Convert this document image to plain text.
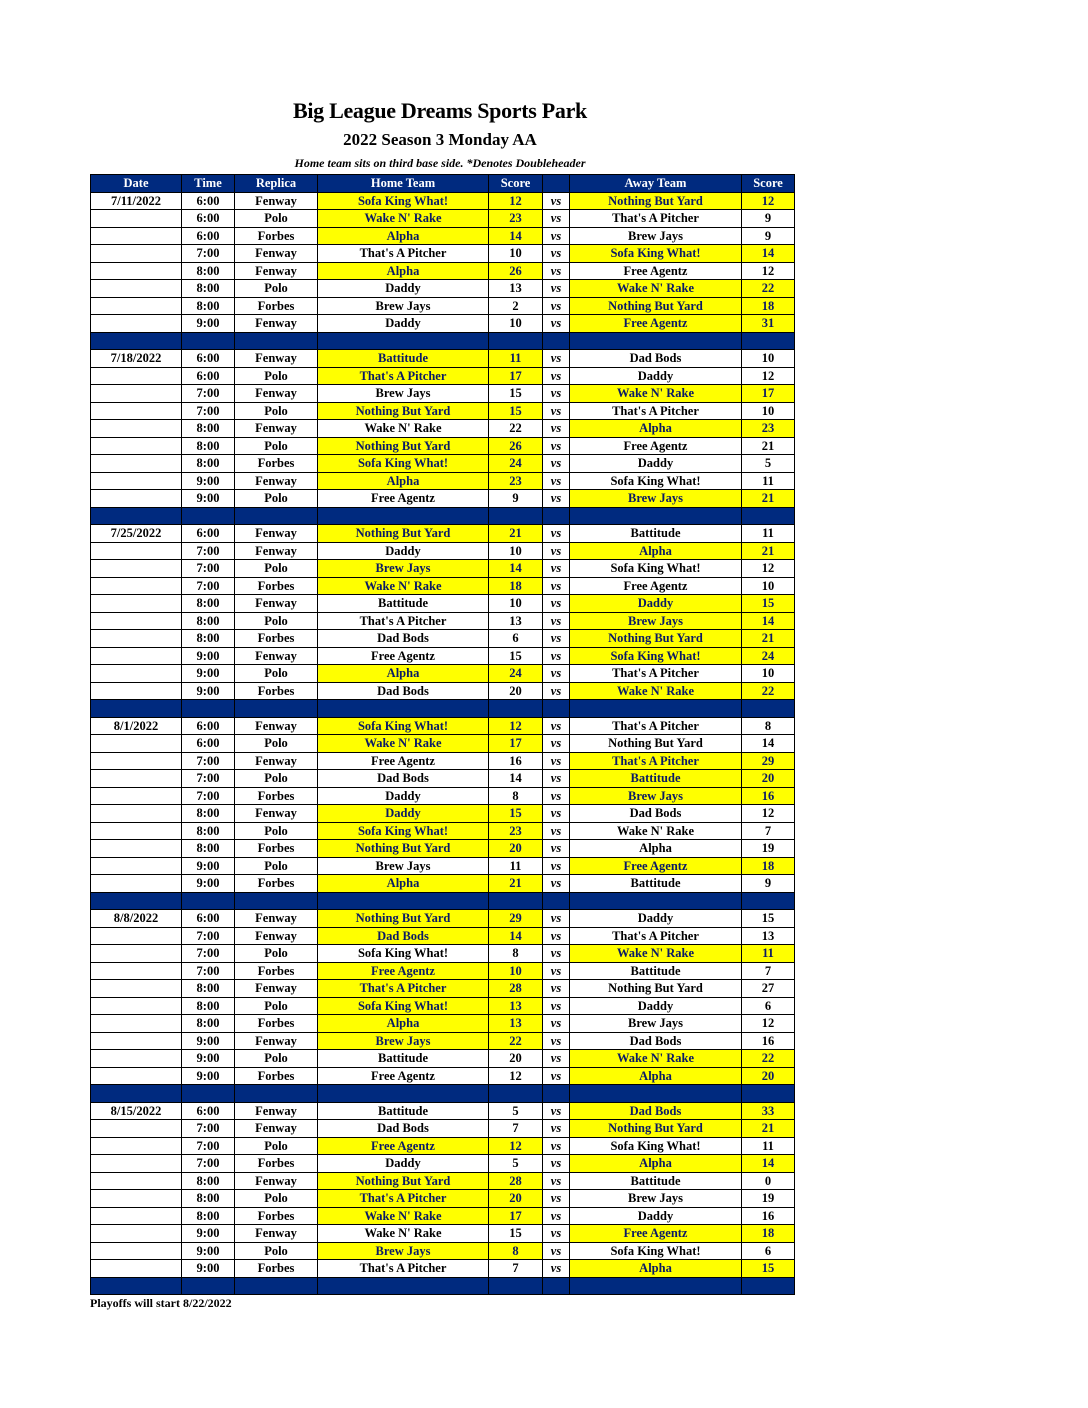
Big League Dreams Sports Park
2022 Season 3 Monday AA
Home team sits on third base side. *Denotes Doubleheader
Date	Time	Replica	Home Team	Score		Away Team	Score
7/11/2022	6:00	Fenway	Sofa King What!	12	vs	Nothing But Yard	12
	6:00	Polo	Wake N' Rake	23	vs	That's A Pitcher	9
	6:00	Forbes	Alpha	14	vs	Brew Jays	9
	7:00	Fenway	That's A Pitcher	10	vs	Sofa King What!	14
	8:00	Fenway	Alpha	26	vs	Free Agentz	12
	8:00	Polo	Daddy	13	vs	Wake N' Rake	22
	8:00	Forbes	Brew Jays	2	vs	Nothing But Yard	18
	9:00	Fenway	Daddy	10	vs	Free Agentz	31

7/18/2022	6:00	Fenway	Battitude	11	vs	Dad Bods	10
	6:00	Polo	That's A Pitcher	17	vs	Daddy	12
	7:00	Fenway	Brew Jays	15	vs	Wake N' Rake	17
	7:00	Polo	Nothing But Yard	15	vs	That's A Pitcher	10
	8:00	Fenway	Wake N' Rake	22	vs	Alpha	23
	8:00	Polo	Nothing But Yard	26	vs	Free Agentz	21
	8:00	Forbes	Sofa King What!	24	vs	Daddy	5
	9:00	Fenway	Alpha	23	vs	Sofa King What!	11
	9:00	Polo	Free Agentz	9	vs	Brew Jays	21

7/25/2022	6:00	Fenway	Nothing But Yard	21	vs	Battitude	11
	7:00	Fenway	Daddy	10	vs	Alpha	21
	7:00	Polo	Brew Jays	14	vs	Sofa King What!	12
	7:00	Forbes	Wake N' Rake	18	vs	Free Agentz	10
	8:00	Fenway	Battitude	10	vs	Daddy	15
	8:00	Polo	That's A Pitcher	13	vs	Brew Jays	14
	8:00	Forbes	Dad Bods	6	vs	Nothing But Yard	21
	9:00	Fenway	Free Agentz	15	vs	Sofa King What!	24
	9:00	Polo	Alpha	24	vs	That's A Pitcher	10
	9:00	Forbes	Dad Bods	20	vs	Wake N' Rake	22

8/1/2022	6:00	Fenway	Sofa King What!	12	vs	That's A Pitcher	8
	6:00	Polo	Wake N' Rake	17	vs	Nothing But Yard	14
	7:00	Fenway	Free Agentz	16	vs	That's A Pitcher	29
	7:00	Polo	Dad Bods	14	vs	Battitude	20
	7:00	Forbes	Daddy	8	vs	Brew Jays	16
	8:00	Fenway	Daddy	15	vs	Dad Bods	12
	8:00	Polo	Sofa King What!	23	vs	Wake N' Rake	7
	8:00	Forbes	Nothing But Yard	20	vs	Alpha	19
	9:00	Polo	Brew Jays	11	vs	Free Agentz	18
	9:00	Forbes	Alpha	21	vs	Battitude	9

8/8/2022	6:00	Fenway	Nothing But Yard	29	vs	Daddy	15
	7:00	Fenway	Dad Bods	14	vs	That's A Pitcher	13
	7:00	Polo	Sofa King What!	8	vs	Wake N' Rake	11
	7:00	Forbes	Free Agentz	10	vs	Battitude	7
	8:00	Fenway	That's A Pitcher	28	vs	Nothing But Yard	27
	8:00	Polo	Sofa King What!	13	vs	Daddy	6
	8:00	Forbes	Alpha	13	vs	Brew Jays	12
	9:00	Fenway	Brew Jays	22	vs	Dad Bods	16
	9:00	Polo	Battitude	20	vs	Wake N' Rake	22
	9:00	Forbes	Free Agentz	12	vs	Alpha	20

8/15/2022	6:00	Fenway	Battitude	5	vs	Dad Bods	33
	7:00	Fenway	Dad Bods	7	vs	Nothing But Yard	21
	7:00	Polo	Free Agentz	12	vs	Sofa King What!	11
	7:00	Forbes	Daddy	5	vs	Alpha	14
	8:00	Fenway	Nothing But Yard	28	vs	Battitude	0
	8:00	Polo	That's A Pitcher	20	vs	Brew Jays	19
	8:00	Forbes	Wake N' Rake	17	vs	Daddy	16
	9:00	Fenway	Wake N' Rake	15	vs	Free Agentz	18
	9:00	Polo	Brew Jays	8	vs	Sofa King What!	6
	9:00	Forbes	That's A Pitcher	7	vs	Alpha	15

Playoffs will start 8/22/2022
